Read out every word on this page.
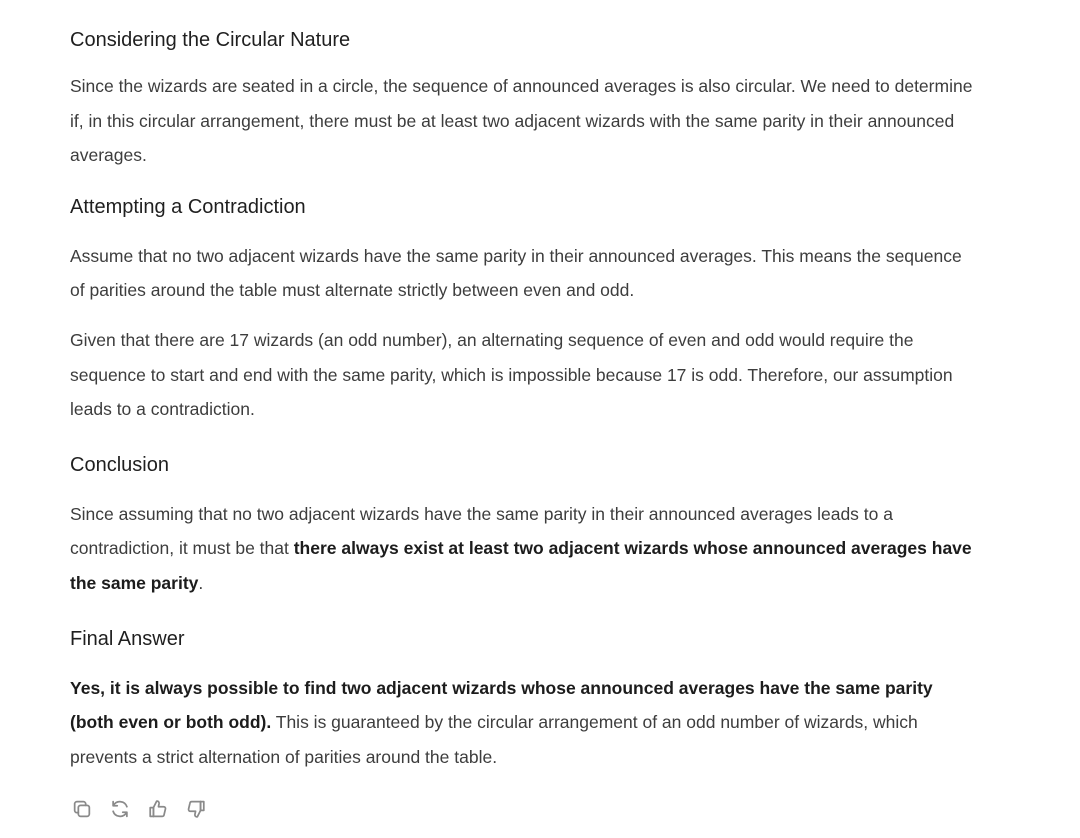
Considering the Circular Nature

Since the wizards are seated in a circle, the sequence of announced averages is also circular. We need to determine if, in this circular arrangement, there must be at least two adjacent wizards with the same parity in their announced averages.

Attempting a Contradiction

Assume that no two adjacent wizards have the same parity in their announced averages. This means the sequence of parities around the table must alternate strictly between even and odd.

Given that there are 17 wizards (an odd number), an alternating sequence of even and odd would require the sequence to start and end with the same parity, which is impossible because 17 is odd. Therefore, our assumption leads to a contradiction.

Conclusion

Since assuming that no two adjacent wizards have the same parity in their announced averages leads to a contradiction, it must be that there always exist at least two adjacent wizards whose announced averages have the same parity.

Final Answer

Yes, it is always possible to find two adjacent wizards whose announced averages have the same parity (both even or both odd). This is guaranteed by the circular arrangement of an odd number of wizards, which prevents a strict alternation of parities around the table.
